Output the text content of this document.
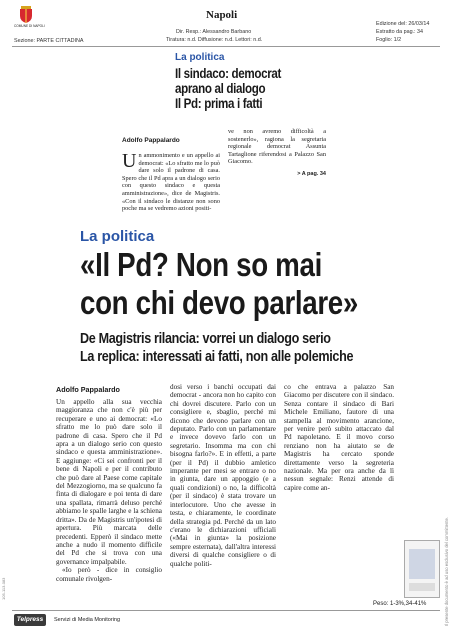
COMUNE DI NAPOLI
Sezione: PARTE CITTADINA
Napoli
Dir. Resp.: Alessandro Barbano
Tiratura: n.d. Diffusione: n.d. Lettori: n.d.
Edizione del: 26/03/14
Estratto da pag.: 34
Foglio: 1/2
La politica
Il sindaco: democrat
aprano al dialogo
Il Pd: prima i fatti
Adolfo Pappalardo

Un ammonimento e un appello ai democrat: «Lo sfratto me lo può dare solo il padrone di casa. Spero che il Pd apra a un dialogo serio con questo sindaco e questa amministrazione», dice de Magistris. «Con il sindaco le distanze non sono poche ma se vedremo azioni positi-

ve non avremo difficoltà a sostenerlo», ragiona la segretaria regionale democrat Assunta Tartaglione riferendosi a Palazzo San Giacomo.

> A pag. 34
La politica
«Il Pd? Non so mai
con chi devo parlare»
De Magistris rilancia: vorrei un dialogo serio
La replica: interessati ai fatti, non alle polemiche
Adolfo Pappalardo

Un appello alla sua vecchia maggioranza che non c'è più per recuperare e uno ai democrat: «Lo sfratto me lo può dare solo il padrone di casa. Spero che il Pd apra a un dialogo serio con questo sindaco e questa amministrazione». E aggiunge: «Ci sei confronti per il bene di Napoli e per il contributo che può dare al Paese come capitale del Mezzogiorno, ma se qualcuno fa finta di dialogare e poi tenta di dare una spallata, rimarrà deluso perché abbiamo le spalle larghe e la schiena dritta». Da de Magistris un'ipotesi di apertura. Più marcata delle precedenti. Epperò il sindaco mette anche a nudo il momento difficile del Pd che si trova con una governance impalpabile.

«Io però - dice in consiglio comunale rivolgen-

dosi verso i banchi occupati dai democrat - ancora non ho capito con chi dovrei discutere. Parlo con un consigliere e, sbaglio, perché mi dicono che devono parlare con un deputato. Parlo con un parlamentare e invece dovevo farlo con un segretario. Insomma ma con chi bisogna farlo?». E in effetti, a parte (per il Pd) il dubbio amletico imperante per mesi se entrare o no in giunta, dare un appoggio (e a quali condizioni) o no, la difficoltà (per il sindaco) è stata trovare un interlocutore. Uno che avesse in testa, e chiaramente, le coordinate della strategia pd. Perché da un lato c'erano le dichiarazioni ufficiali («Mai in giunta» la posizione sempre esternata), dall'altra interessi diversi di qualche consigliere o di qualche politi-

co che entrava a palazzo San Giacomo per discutere con il sindaco. Senza contare il sindaco di Bari Michele Emiliano, fautore di una stampella al movimento arancione, per venire però subito attaccato dal Pd napoletano. E il movo corso renziano non ha aiutato se de Magistris ha cercato sponde direttamente verso la segreteria nazionale. Ma per ora anche da lì nessun segnale: Renzi attende di capire come an-

105-113-083	Il presente documento è ad uso esclusivo del committente.
Peso: 1-3%,34-41%
Telpress	Servizi di Media Monitoring
